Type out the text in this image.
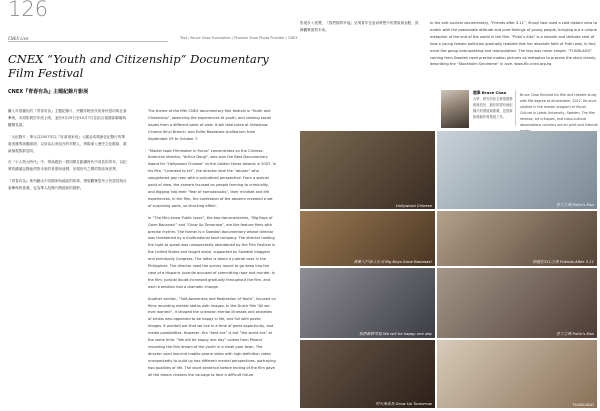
126
CNEX Live	Text / Bruce Chao Translation / Phoenix Shao Photo Provider / CNEX
CNEX “Youth and Citizenship” Documentary Film Festival
CNEX『青春有為』主題紀錄片影展

繼入年度播出的『青春有為』主題紀錄片，突顯年輕世代的身份認同與社會參與，本屆影展於年底上映，並於9月29日至10月7日在結合視總部劇場與觀眾見面。

「大紀錄片」單元以2007年以『好萊塢家庭』入圍金馬獎最佳紀錄片的華裔美籍導演羅維明，以身為由美返台的年輕人，實際深入歷史文化脈絡，重新檢視族群認同。

在『小人物大時代』中，導演跟拍一群同樣在動盪時代中成長的青年，以紀實的鏡頭記錄他們對未來的希望與迷惘，呈現世代之間的對話與差異。

『青春有為』系列藉由不同國家與地區的故事，帶領觀眾思考公民認同與社會參與的意義，也為華人紀錄片開啟新的視野。

The theme of the fifth CNEX documentary film festival is “Youth and Citizenship”, observing the experiences of youth, and viewing social issues from a different point of view. It will take place at Viewshow Cinema Xinyi Branch, and Eslite Bookstore Auditorium from September 29 to October 7.

“Master topic Filmmaker in Focus” concentrates on the Chinese-American director, “Arthur Dong”, who won the Best Documentary Award for “Hollywood Chinese” at the Golden Horse Awards in 2007. In his film, “Licensed to kill”, the director shot the “abuser” who slaughtered gay men with a prejudiced perspective. From a special point of view, the camera focused on people forming to criminality, and digging into their “fear of homosexuals”, their mindset and life experiences. In the film, the confession of the abusers revealed a set of surprising parts, so shocking effect.

In “The Mini-know Public Issue”, the two documentaries, “Big Boys of Gone Bananas!” and “Grow Up Tomorrow”, are like feature films with precise rhythm. The former is a Swedish documentary whose director was threatened by a multinational food company. The director holding the right to speak was unexpectedly abandoned by the Film Festival in the United States and fought alone, supported by Swedish bloggers and eventually Congress. The latter is about a judicial case in the Philippines. The director used the survey report to go deep into the case of a Hispanic juvenile accused of committing rape and murder. In the film, judicial doubt increased gradually throughout the film, and each transition had a dramatic change.

Another section, “Self-Awareness and Realization of Youth”, focused on films recording mental status with images. In the Dutch film “All we ever wanted”, it showed the unknown mental illnesses and anxieties of artists who appeared to be happy in life, and full with poetic images. It pointed out that we live in a time of great opportunity, and media possibilities. However, the “best era” is but “the worst era” at the same time. “We will be happy one day” comes from Poland recording the film dream of the youth in a small poor town. The director used low-end mobile phone video with high-definition video unexpectedly to build up two different mental perspectives, portraying two qualities of life. The short sentence before ending of the film gave all the dream chasers the courage to face a difficult future.

影展步入尾聲，『我們都將幸福』呈現青年在追尋夢想中的勇氣與盲點，鼓舞觀眾面對未來。

In the anti-nuclear documentary, “Friends after 3.11”, Shunji Iwai used a cold distant view to match with the passionate attitude and pure feelings of young people, bringing out a unique metaphor of the end of the world in the film. “Putin’s Kiss” is a smooth and delicate shot of how a young female politician gradually realized that her absolute faith of Putin was, in fact, more like group brainwashing and manipulation. The kiss was never simple. “TUSSILAGO” coming from Sweden used precise motion pictures as metaphor to process the story clearly, describing the “Stockholm Syndrome” in love. www.flic.cnex.org.tw

趙寧 Bruce Chao
大學、研究所皆主修視覺藝術與設計，最好的望有助紀錄片的發展與推廣，並從事影像創作與策展工作。
Bruce Chao finished his film and theatre study with MA degree at Amsterdam, 2012. He once studied in the master program of Visual Culture in Leeds University, Sweden. The film reviews, art critiques, and cross-cultural observations columns are on print and internet
Hollywood Chinese	普丁之吻 Putin’s Kiss
香蕉大戶訴大公司 Big Boys Gone Bananas!	相遇在311之後 Friends After 3.11
我們都將幸福 We will be happy one day	普丁之吻 Putin’s Kiss
明天後成長 Grow Up Tomorrow	TUSSILAGO
